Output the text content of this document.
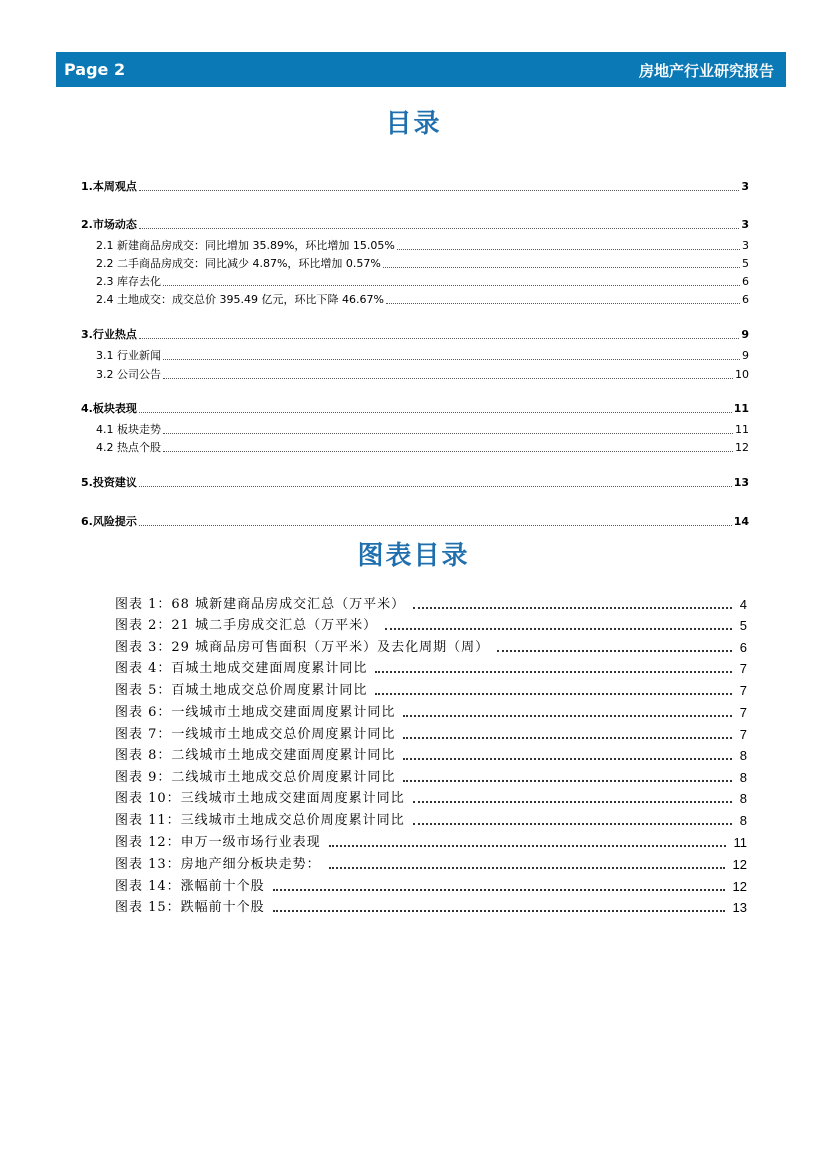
Page 2	房地产行业研究报告
目录
1.本周观点	3
2.市场动态	3
2.1 新建商品房成交：同比增加 35.89%，环比增加 15.05%	3
2.2 二手商品房成交：同比减少 4.87%，环比增加 0.57%	5
2.3 库存去化	6
2.4 土地成交：成交总价 395.49 亿元，环比下降 46.67%	6
3.行业热点	9
3.1 行业新闻	9
3.2 公司公告	10
4.板块表现	11
4.1 板块走势	11
4.2 热点个股	12
5.投资建议	13
6.风险提示	14
图表目录
图表 1：68 城新建商品房成交汇总（万平米）	4
图表 2：21 城二手房成交汇总（万平米）	5
图表 3：29 城商品房可售面积（万平米）及去化周期（周）	6
图表 4：百城土地成交建面周度累计同比	7
图表 5：百城土地成交总价周度累计同比	7
图表 6：一线城市土地成交建面周度累计同比	7
图表 7：一线城市土地成交总价周度累计同比	7
图表 8：二线城市土地成交建面周度累计同比	8
图表 9：二线城市土地成交总价周度累计同比	8
图表 10：三线城市土地成交建面周度累计同比	8
图表 11：三线城市土地成交总价周度累计同比	8
图表 12：申万一级市场行业表现	11
图表 13：房地产细分板块走势：	12
图表 14：涨幅前十个股	12
图表 15：跌幅前十个股	13
